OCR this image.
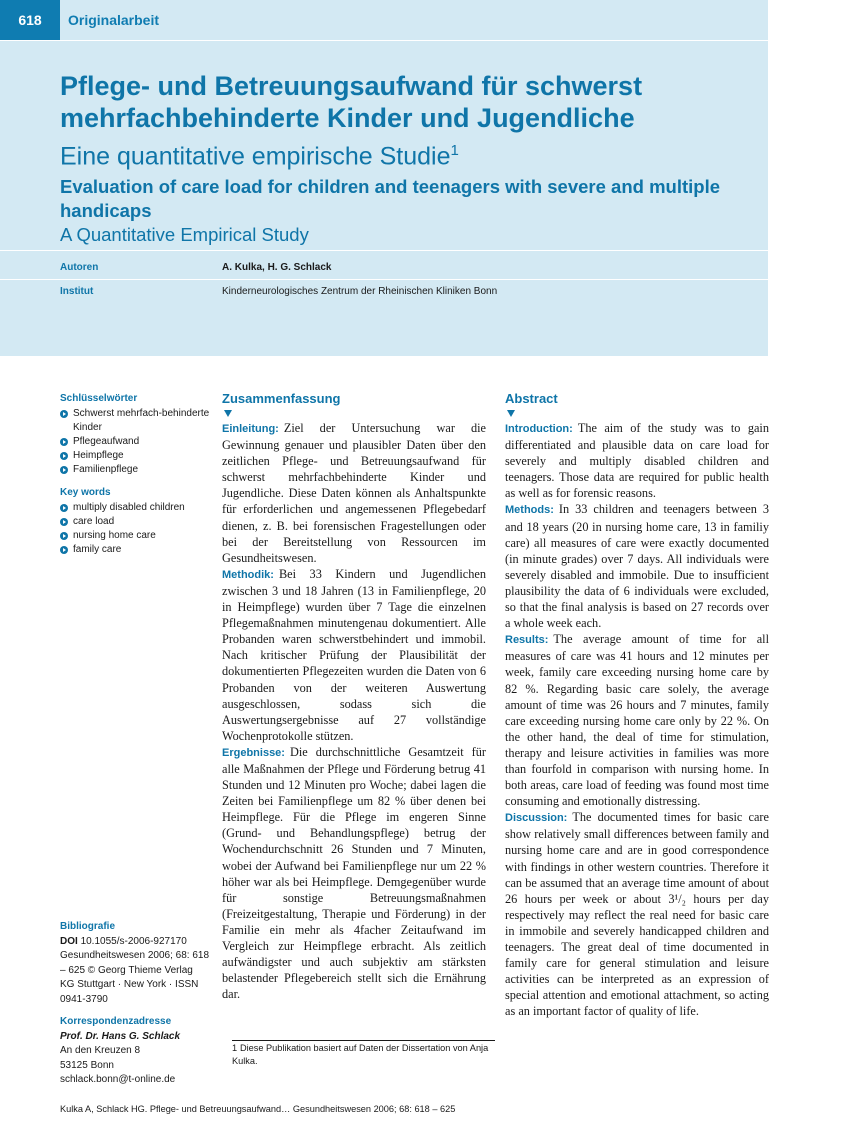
618	Originalarbeit
Pflege- und Betreuungsaufwand für schwerst mehrfachbehinderte Kinder und Jugendliche
Eine quantitative empirische Studie$^1$
Evaluation of care load for children and teenagers with severe and multiple handicaps
A Quantitative Empirical Study
Autoren	A. Kulka, H. G. Schlack
Institut	Kinderneurologisches Zentrum der Rheinischen Kliniken Bonn
Schlüsselwörter
Schwerst mehrfach-behinderte Kinder
Pflegeaufwand
Heimpflege
Familienpflege
Key words
multiply disabled children
care load
nursing home care
family care
Bibliografie
DOI 10.1055/s-2006-927170
Gesundheitswesen 2006; 68: 618 – 625 © Georg Thieme Verlag KG Stuttgart · New York · ISSN 0941-3790
Korrespondenzadresse
Prof. Dr. Hans G. Schlack
An den Kreuzen 8
53125 Bonn
schlack.bonn@t-online.de
Zusammenfassung

Einleitung: Ziel der Untersuchung war die Gewinnung genauer und plausibler Daten über den zeitlichen Pflege- und Betreuungsaufwand für schwerst mehrfachbehinderte Kinder und Jugendliche. Diese Daten können als Anhaltspunkte für erforderlichen und angemessenen Pflegebedarf dienen, z. B. bei forensischen Fragestellungen oder bei der Bereitstellung von Ressourcen im Gesundheitswesen.

Methodik: Bei 33 Kindern und Jugendlichen zwischen 3 und 18 Jahren (13 in Familienpflege, 20 in Heimpflege) wurden über 7 Tage die einzelnen Pflegemaßnahmen minutengenau dokumentiert. Alle Probanden waren schwerstbehindert und immobil. Nach kritischer Prüfung der Plausibilität der dokumentierten Pflegezeiten wurden die Daten von 6 Probanden von der weiteren Auswertung ausgeschlossen, sodass sich die Auswertungsergebnisse auf 27 vollständige Wochenprotokolle stützen.

Ergebnisse: Die durchschnittliche Gesamtzeit für alle Maßnahmen der Pflege und Förderung betrug 41 Stunden und 12 Minuten pro Woche; dabei lagen die Zeiten bei Familienpflege um 82 % über denen bei Heimpflege. Für die Pflege im engeren Sinne (Grund- und Behandlungspflege) betrug der Wochendurchschnitt 26 Stunden und 7 Minuten, wobei der Aufwand bei Familienpflege nur um 22 % höher war als bei Heimpflege. Demgegenüber wurde für sonstige Betreuungsmaßnahmen (Freizeitgestaltung, Therapie und Förderung) in der Familie ein mehr als 4facher Zeitaufwand im Vergleich zur Heimpflege erbracht. Als zeitlich aufwändigster und auch subjektiv am stärksten belastender Pflegebereich stellt sich die Ernährung dar.

Abstract

Introduction: The aim of the study was to gain differentiated and plausible data on care load for severely and multiply disabled children and teenagers. Those data are required for public health as well as for forensic reasons.

Methods: In 33 children and teenagers between 3 and 18 years (20 in nursing home care, 13 in familiy care) all measures of care were exactly documented (in minute grades) over 7 days. All individuals were severely disabled and immobile. Due to insufficient plausibility the data of 6 individuals were excluded, so that the final analysis is based on 27 records over a whole week each.

Results: The average amount of time for all measures of care was 41 hours and 12 minutes per week, family care exceeding nursing home care by 82 %. Regarding basic care solely, the average amount of time was 26 hours and 7 minutes, family care exceeding nursing home care only by 22 %. On the other hand, the deal of time for stimulation, therapy and leisure activities in families was more than fourfold in comparison with nursing home. In both areas, care load of feeding was found most time consuming and emotionally distressing.

Discussion: The documented times for basic care show relatively small differences between family and nursing home care and are in good correspondence with findings in other western countries. Therefore it can be assumed that an average time amount of about 26 hours per week or about 3¹/₂ hours per day respectively may reflect the real need for basic care in immobile and severely handicapped children and teenagers. The great deal of time documented in family care for general stimulation and leisure activities can be interpreted as an expression of special attention and emotional attachment, so acting as an important factor of quality of life.

1 Diese Publikation basiert auf Daten der Dissertation von Anja Kulka.
Kulka A, Schlack HG. Pflege- und Betreuungsaufwand… Gesundheitswesen 2006; 68: 618 – 625
